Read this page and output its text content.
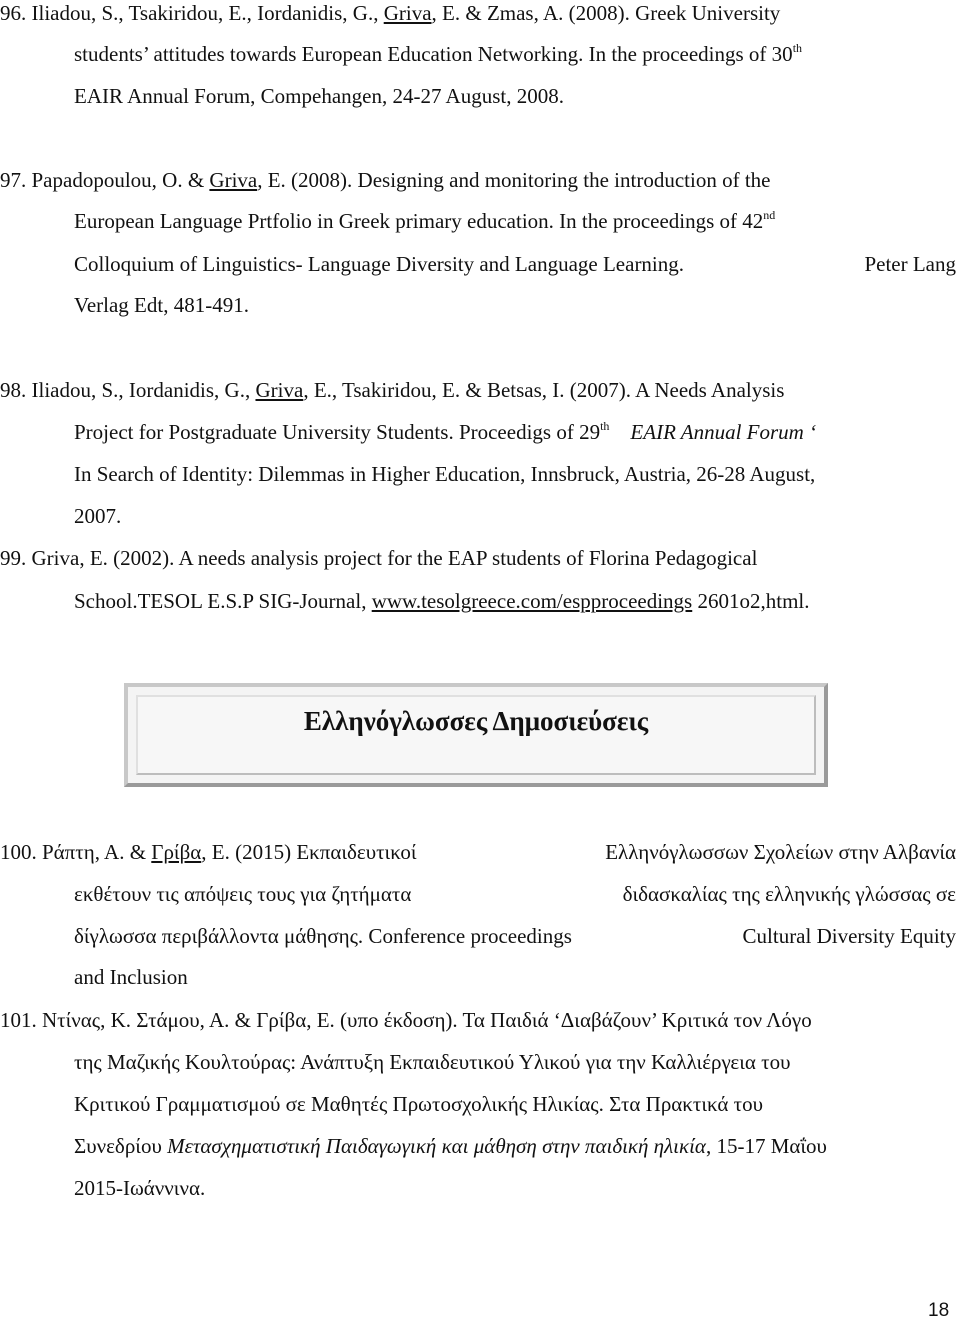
96. Iliadou, S., Tsakiridou, E., Iordanidis, G., Griva, E. & Zmas, A. (2008). Greek University
students’ attitudes towards European Education Networking. In the proceedings of 30th
EAIR Annual Forum, Compehangen, 24-27 August, 2008.
97. Papadopoulou, O. & Griva, E. (2008). Designing and monitoring the introduction of the
European Language Prtfolio in Greek primary education. In the proceedings of 42nd
Colloquium of Linguistics- Language Diversity and Language Learning.	Peter Lang
Verlag Edt, 481-491.
98. Iliadou, S., Iordanidis, G., Griva, E., Tsakiridou, E. & Betsas, I. (2007). A Needs Analysis
Project for Postgraduate University Students. Proceedigs of 29th EAIR Annual Forum ‘
In Search of Identity: Dilemmas in Higher Education, Innsbruck, Austria, 26-28 August,
2007.
99. Griva, E. (2002). A needs analysis project for the EAP students of Florina Pedagogical
School.TESOL E.S.P SIG-Journal, www.tesolgreece.com/espproceedings 2601o2,html.
Ελληνόγλωσσες Δημοσιεύσεις
100. Ράπτη, Α. & Γρίβα, Ε. (2015) Εκπαιδευτικοί	Ελληνόγλωσσων Σχολείων στην Αλβανία
εκθέτουν τις απόψεις τους για ζητήματα	διδασκαλίας της ελληνικής γλώσσας σε
δίγλωσσα περιβάλλοντα μάθησης. Conference proceedings	Cultural Diversity Equity
and Inclusion
101. Ντίνας, Κ. Στάμου, Α. & Γρίβα, Ε. (υπο έκδοση). Τα Παιδιά ‘Διαβάζουν’ Κριτικά τον Λόγο
της Μαζικής Κουλτούρας: Ανάπτυξη Εκπαιδευτικού Υλικού για την Καλλιέργεια του
Κριτικού Γραμματισμού σε Μαθητές Πρωτοσχολικής Ηλικίας. Στα Πρακτικά του
Συνεδρίου Μετασχηματιστική Παιδαγωγική και μάθηση στην παιδική ηλικία, 15-17 Μαΐου
2015-Ιωάννινα.
18
